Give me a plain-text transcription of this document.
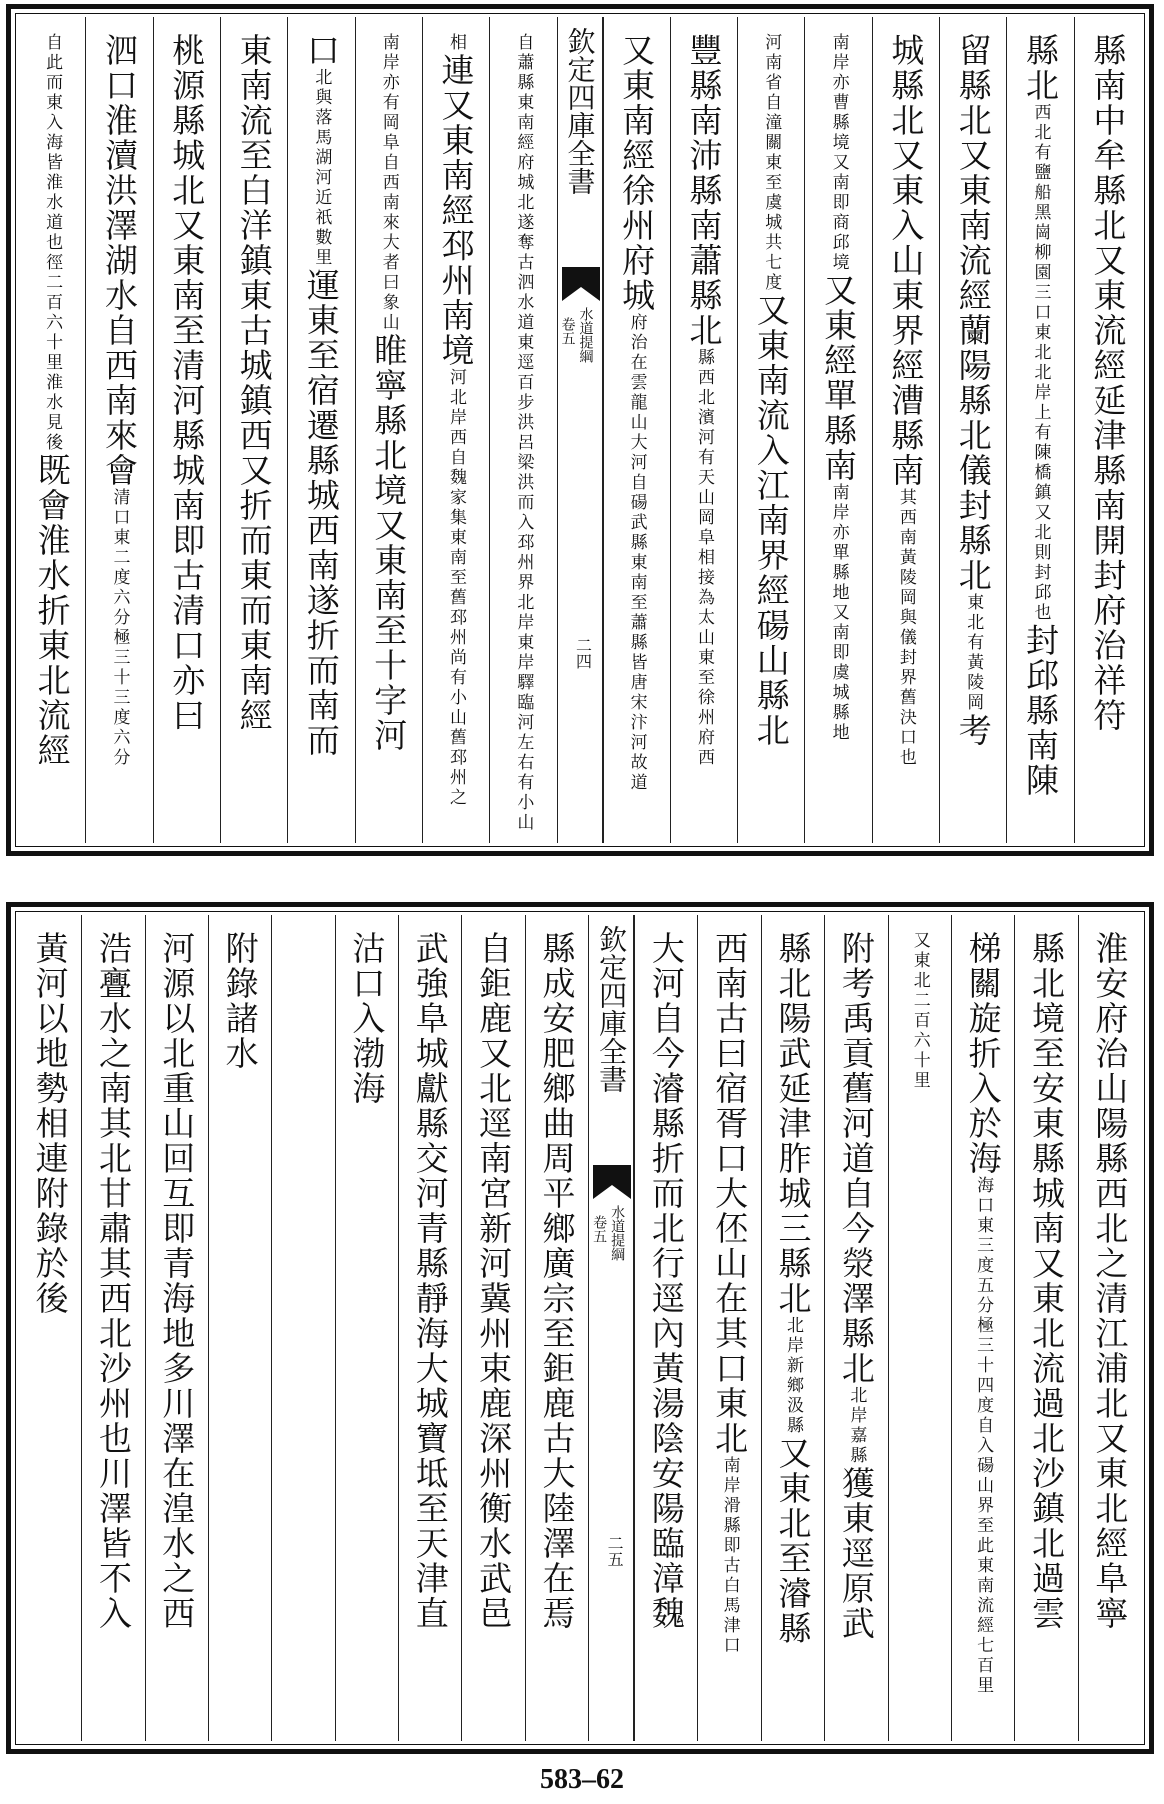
縣南中牟縣北又東流經延津縣南開封府治祥符
縣北
西北有鹽船黑崗柳園三口東北北岸上有陳橋鎮又北則封邱也
封邱縣南陳
留縣北又東南流經蘭陽縣北儀封縣北
東北有黃陵岡
考
城縣北又東入山東界經漕縣南
其西南黃陵岡與儀封界舊決口也
南岸亦曹縣境又南即商邱境
又東經單縣南
南岸亦單縣地又南即虞城縣地
河南省自潼關東至虞城共七度
又東南流入江南界經碭山縣北
豐縣南沛縣南蕭縣北
縣西北濱河有天山岡阜相接為太山東至徐州府西
又東南經徐州府城
府治在雲龍山大河自碭武縣東南至蕭縣皆唐宋汴河故道
欽定四庫全書
水道提綱
卷五
二四
自蕭縣東南經府城北遂奪古泗水道東逕百步洪呂梁洪而入邳州界北岸東岸驛臨河左右有小山
相
連又東南經邳州南境
河北岸西自魏家集東南至舊邳州尚有小山舊邳州之
南岸亦有岡阜自西南來大者曰象山
睢寧縣北境又東南至十字河
口
北與落馬湖河近祇數里
運東至宿遷縣城西南遂折而南而
東南流至白洋鎮東古城鎮西又折而東而東南經
桃源縣城北又東南至清河縣城南即古清口亦曰
泗口淮瀆洪澤湖水自西南來會
清口東二度六分極三十三度六分
自此而東入海皆淮水道也徑二百六十里淮水見後
既會淮水折東北流經
淮安府治山陽縣西北之清江浦北又東北經阜寧
縣北境至安東縣城南又東北流過北沙鎮北過雲
梯關旋折入於海
海口東三度五分極三十四度自入碭山界至此東南流經七百里
又東北二百六十里
附考禹貢舊河道自今滎澤縣北
北岸嘉縣
獲東逕原武
縣北陽武延津胙城三縣北
北岸新鄉汲縣
又東北至濬縣
西南古曰宿胥口大伾山在其口東北
南岸滑縣即古白馬津口
大河自今濬縣折而北行逕內黃湯陰安陽臨漳魏
欽定四庫全書
水道提綱
卷五
二五
縣成安肥鄉曲周平鄉廣宗至鉅鹿古大陸澤在焉
自鉅鹿又北逕南宮新河冀州束鹿深州衡水武邑
武強阜城獻縣交河青縣靜海大城寶坻至天津直
沽口入渤海
附錄諸水
河源以北重山回互即青海地多川澤在湟水之西
浩亹水之南其北甘肅其西北沙州也川澤皆不入
黃河以地勢相連附錄於後
583–62
